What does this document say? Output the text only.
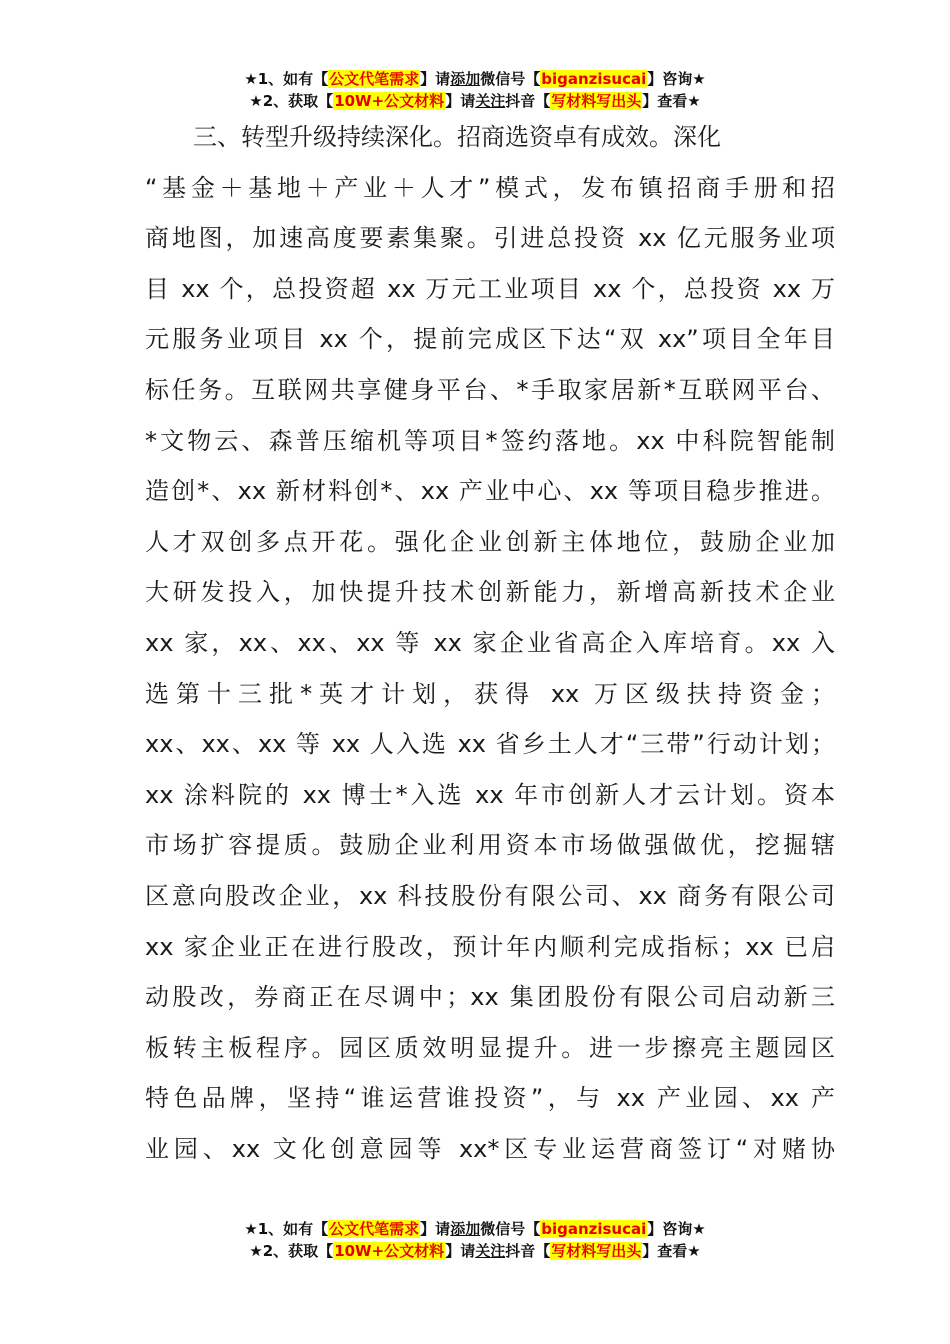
★1、如有【公文代笔需求】请添加微信号【biganzisucai】咨询★
★2、获取【10W+公文材料】请关注抖音【写材料写出头】查看★
　　三、转型升级持续深化。招商选资卓有成效。深化
“基金＋基地＋产业＋人才”模式，发布镇招商手册和招
商地图，加速高度要素集聚。引进总投资 xx 亿元服务业项
目 xx 个，总投资超 xx 万元工业项目 xx 个，总投资 xx 万
元服务业项目 xx 个，提前完成区下达“双 xx”项目全年目
标任务。互联网共享健身平台、*手取家居新*互联网平台、
*文物云、森普压缩机等项目*签约落地。xx 中科院智能制
造创*、xx 新材料创*、xx 产业中心、xx 等项目稳步推进。
人才双创多点开花。强化企业创新主体地位，鼓励企业加
大研发投入，加快提升技术创新能力，新增高新技术企业
xx 家，xx、xx、xx 等 xx 家企业省高企入库培育。xx 入
选第十三批*英才计划，获得 xx 万区级扶持资金；
xx、xx、xx 等 xx 人入选 xx 省乡土人才“三带”行动计划；
xx 涂料院的 xx 博士*入选 xx 年市创新人才云计划。资本
市场扩容提质。鼓励企业利用资本市场做强做优，挖掘辖
区意向股改企业，xx 科技股份有限公司、xx 商务有限公司
xx 家企业正在进行股改，预计年内顺利完成指标；xx 已启
动股改，券商正在尽调中；xx 集团股份有限公司启动新三
板转主板程序。园区质效明显提升。进一步擦亮主题园区
特色品牌，坚持“谁运营谁投资”，与 xx 产业园、xx 产
业园、xx 文化创意园等 xx*区专业运营商签订“对赌协
★1、如有【公文代笔需求】请添加微信号【biganzisucai】咨询★
★2、获取【10W+公文材料】请关注抖音【写材料写出头】查看★
